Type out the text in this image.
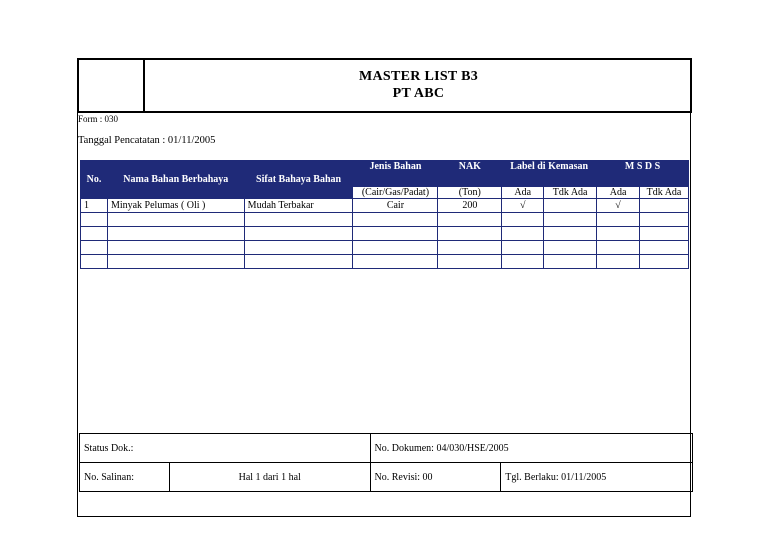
MASTER LIST B3
PT ABC
Form : 030
Tanggal Pencatatan : 01/11/2005
No.	Nama Bahan Berbahaya	Sifat Bahaya Bahan	Jenis Bahan	NAK	Label di Kemasan		M S D S	
			(Cair/Gas/Padat)	(Ton)	Ada	Tdk Ada	Ada	Tdk Ada
1	Minyak Pelumas ( Oli )	Mudah Terbakar	Cair	200	√		√	

Status Dok.:		No. Dokumen: 04/030/HSE/2005	
No. Salinan:	Hal 1 dari 1 hal	No. Revisi: 00	Tgl. Berlaku: 01/11/2005
